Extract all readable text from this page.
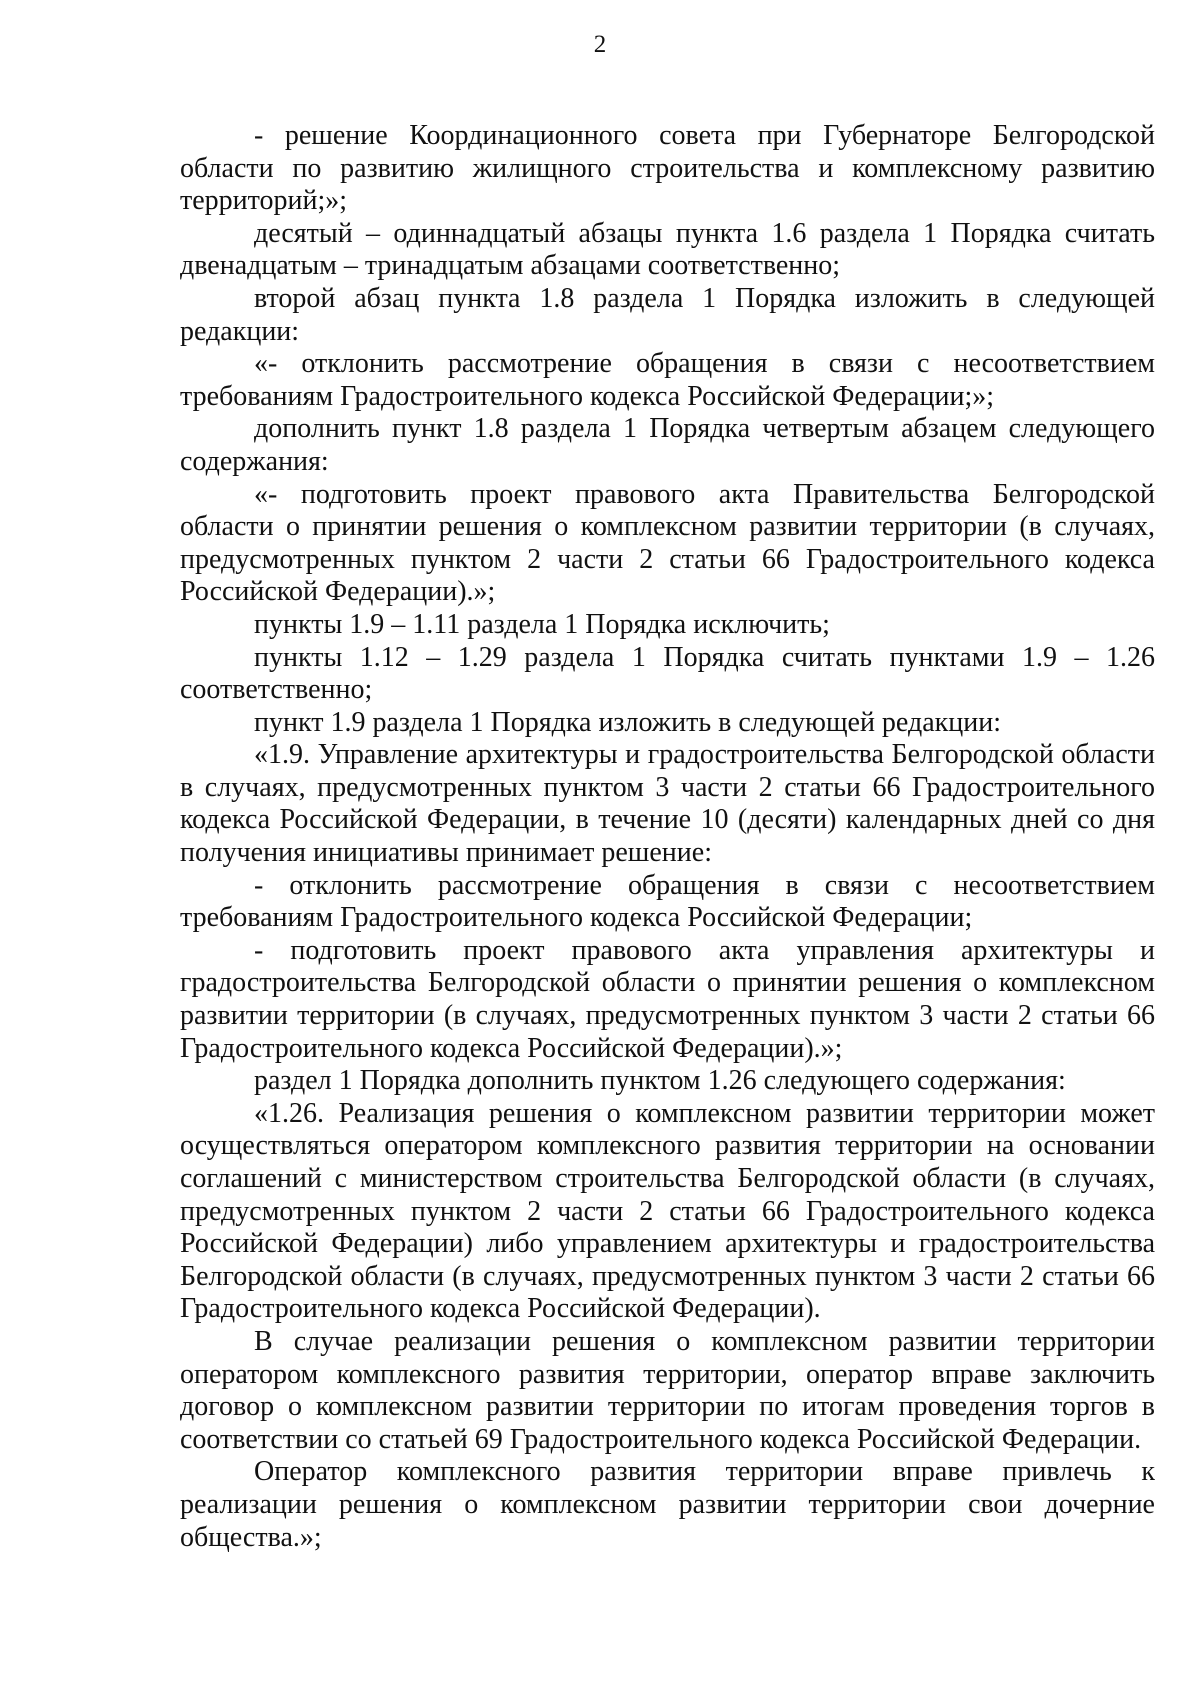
2

- решение Координационного совета при Губернаторе Белгородской области по развитию жилищного строительства и комплексному развитию территорий;»;

десятый – одиннадцатый абзацы пункта 1.6 раздела 1 Порядка считать двенадцатым – тринадцатым абзацами соответственно;

второй абзац пункта 1.8 раздела 1 Порядка изложить в следующей редакции:

«- отклонить рассмотрение обращения в связи с несоответствием требованиям Градостроительного кодекса Российской Федерации;»;

дополнить пункт 1.8 раздела 1 Порядка четвертым абзацем следующего содержания:

«- подготовить проект правового акта Правительства Белгородской области о принятии решения о комплексном развитии территории (в случаях, предусмотренных пунктом 2 части 2 статьи 66 Градостроительного кодекса Российской Федерации).»;

пункты 1.9 – 1.11 раздела 1 Порядка исключить;

пункты 1.12 – 1.29 раздела 1 Порядка считать пунктами 1.9 – 1.26 соответственно;

пункт 1.9 раздела 1 Порядка изложить в следующей редакции:

«1.9. Управление архитектуры и градостроительства Белгородской области в случаях, предусмотренных пунктом 3 части 2 статьи 66 Градостроительного кодекса Российской Федерации, в течение 10 (десяти) календарных дней со дня получения инициативы принимает решение:

- отклонить рассмотрение обращения в связи с несоответствием требованиям Градостроительного кодекса Российской Федерации;

- подготовить проект правового акта управления архитектуры и градостроительства Белгородской области о принятии решения о комплексном развитии территории (в случаях, предусмотренных пунктом 3 части 2 статьи 66 Градостроительного кодекса Российской Федерации).»;

раздел 1 Порядка дополнить пунктом 1.26 следующего содержания:

«1.26. Реализация решения о комплексном развитии территории может осуществляться оператором комплексного развития территории на основании соглашений с министерством строительства Белгородской области (в случаях, предусмотренных пунктом 2 части 2 статьи 66 Градостроительного кодекса Российской Федерации) либо управлением архитектуры и градостроительства Белгородской области (в случаях, предусмотренных пунктом 3 части 2 статьи 66 Градостроительного кодекса Российской Федерации).

В случае реализации решения о комплексном развитии территории оператором комплексного развития территории, оператор вправе заключить договор о комплексном развитии территории по итогам проведения торгов в соответствии со статьей 69 Градостроительного кодекса Российской Федерации.

Оператор комплексного развития территории вправе привлечь к реализации решения о комплексном развитии территории свои дочерние общества.»;
